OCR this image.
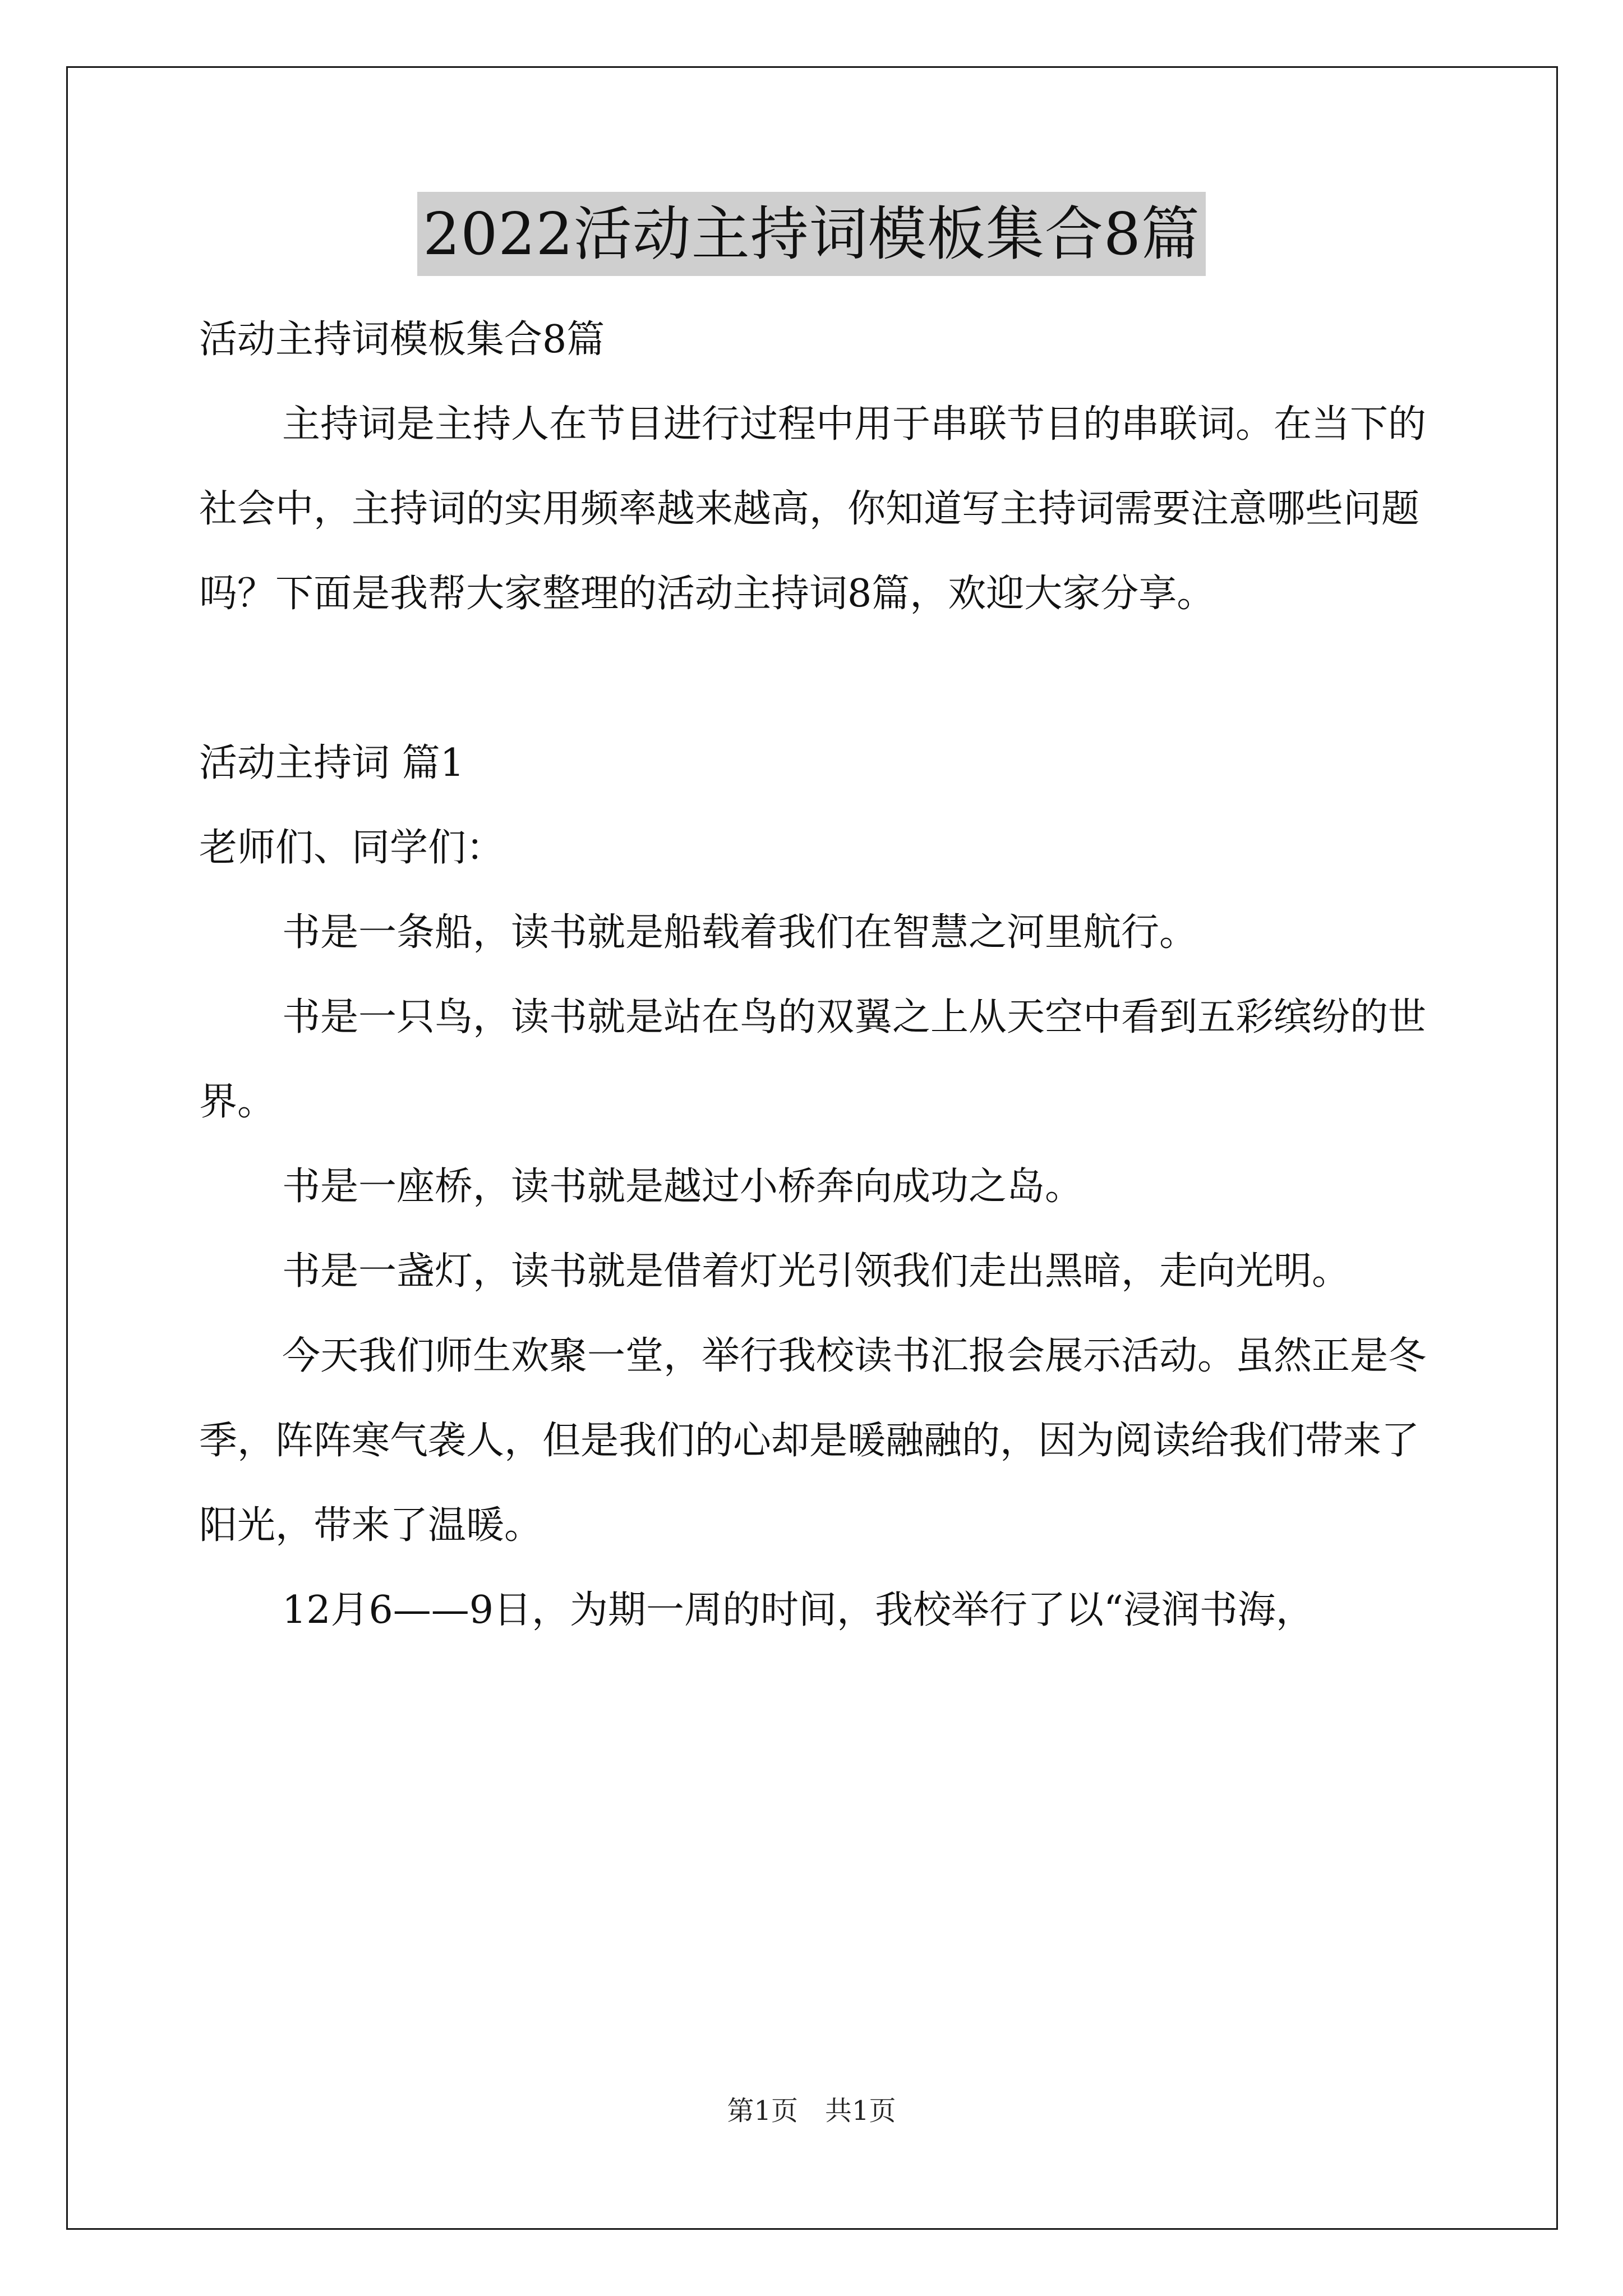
2022活动主持词模板集合8篇

活动主持词模板集合8篇

主持词是主持人在节目进行过程中用于串联节目的串联词。在当下的社会中，主持词的实用频率越来越高，你知道写主持词需要注意哪些问题吗？下面是我帮大家整理的活动主持词8篇，欢迎大家分享。

活动主持词 篇1

老师们、同学们：

书是一条船，读书就是船载着我们在智慧之河里航行。

书是一只鸟，读书就是站在鸟的双翼之上从天空中看到五彩缤纷的世界。

书是一座桥，读书就是越过小桥奔向成功之岛。

书是一盏灯，读书就是借着灯光引领我们走出黑暗，走向光明。

今天我们师生欢聚一堂，举行我校读书汇报会展示活动。虽然正是冬季，阵阵寒气袭人，但是我们的心却是暖融融的，因为阅读给我们带来了阳光，带来了温暖。

12月6——9日，为期一周的时间，我校举行了以“浸润书海，

第1页　共1页
